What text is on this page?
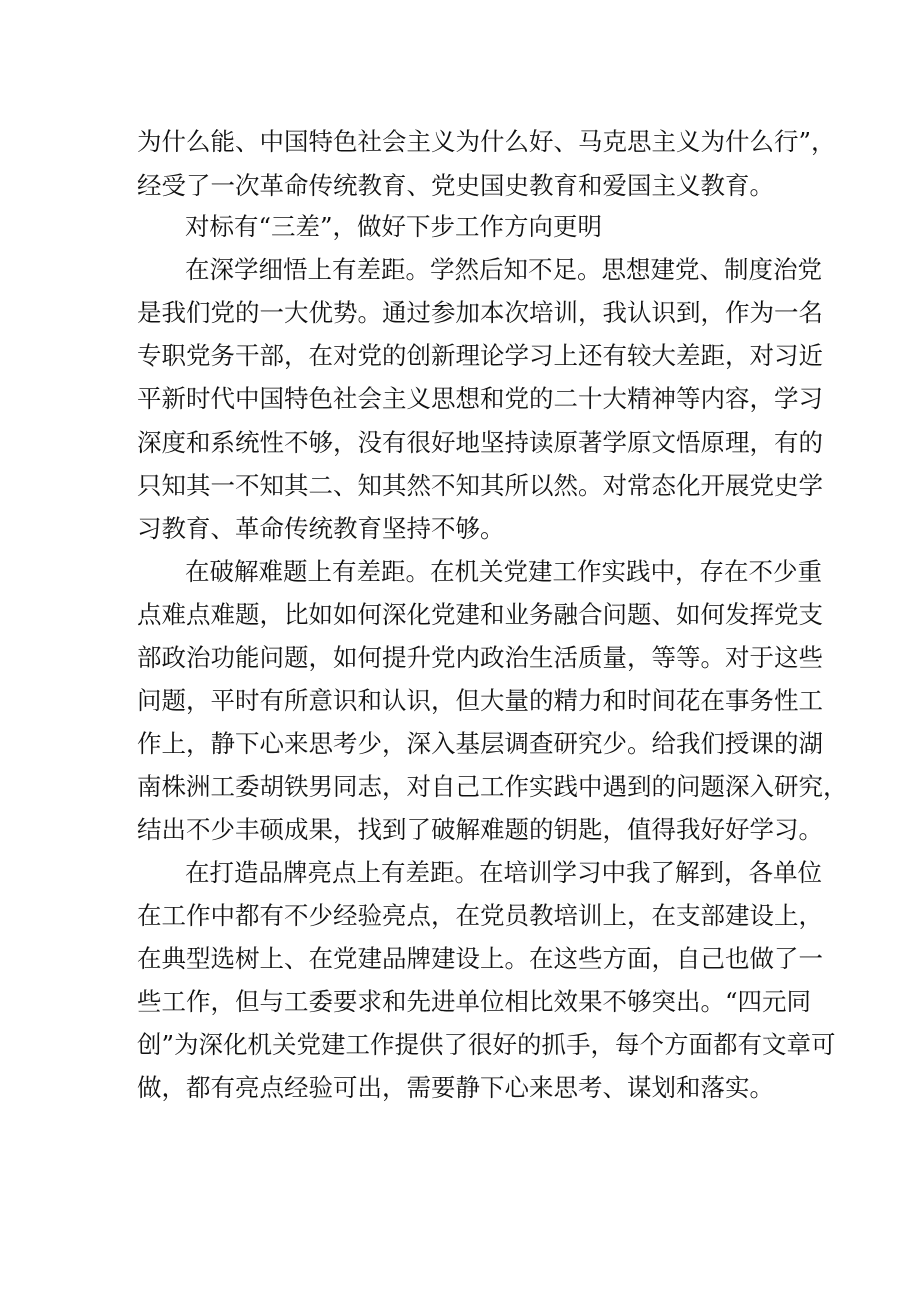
为什么能、中国特色社会主义为什么好、马克思主义为什么行”，
经受了一次革命传统教育、党史国史教育和爱国主义教育。
对标有“三差”，做好下步工作方向更明
在深学细悟上有差距。学然后知不足。思想建党、制度治党
是我们党的一大优势。通过参加本次培训，我认识到，作为一名
专职党务干部，在对党的创新理论学习上还有较大差距，对习近
平新时代中国特色社会主义思想和党的二十大精神等内容，学习
深度和系统性不够，没有很好地坚持读原著学原文悟原理，有的
只知其一不知其二、知其然不知其所以然。对常态化开展党史学
习教育、革命传统教育坚持不够。
在破解难题上有差距。在机关党建工作实践中，存在不少重
点难点难题，比如如何深化党建和业务融合问题、如何发挥党支
部政治功能问题，如何提升党内政治生活质量，等等。对于这些
问题，平时有所意识和认识，但大量的精力和时间花在事务性工
作上，静下心来思考少，深入基层调查研究少。给我们授课的湖
南株洲工委胡铁男同志，对自己工作实践中遇到的问题深入研究，
结出不少丰硕成果，找到了破解难题的钥匙，值得我好好学习。
在打造品牌亮点上有差距。在培训学习中我了解到，各单位
在工作中都有不少经验亮点，在党员教培训上，在支部建设上，
在典型选树上、在党建品牌建设上。在这些方面，自己也做了一
些工作，但与工委要求和先进单位相比效果不够突出。“四元同
创”为深化机关党建工作提供了很好的抓手，每个方面都有文章可
做，都有亮点经验可出，需要静下心来思考、谋划和落实。
